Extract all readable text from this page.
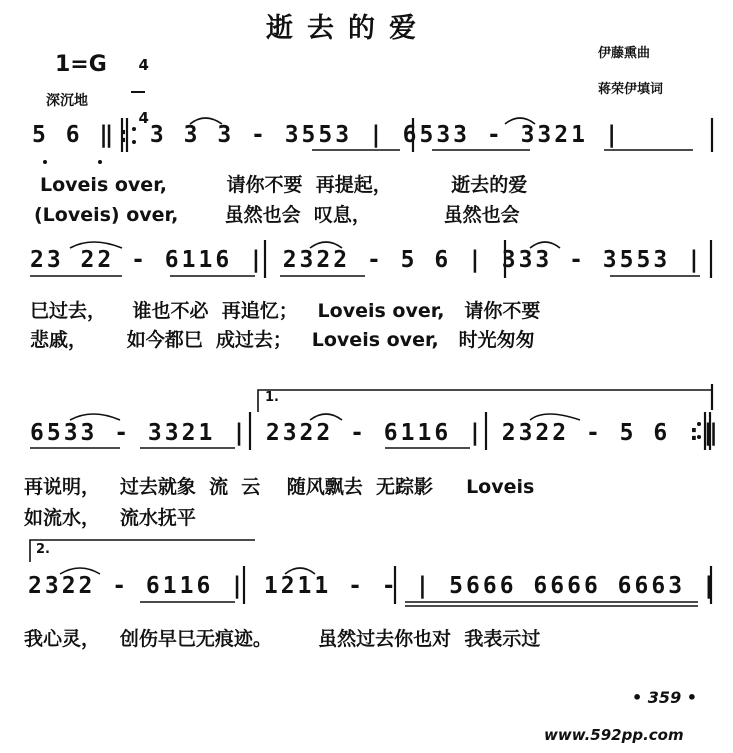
逝去的爱
伊藤熏曲
蒋荣伊填词
1=G	4

4

深沉地
5 6 ‖: 3 3 3 - 3553 | 6533 - 3321 |
Loveis over,         请你不要  再提起，         逝去的爱
(Loveis) over,       虽然也会  叹息，           虽然也会
23 22 - 6116 | 2322 - 5 6 | 333 - 3553 |
巳过去，    谁也不必  再追忆；   Loveis over,   请你不要
悲戚，      如今都巳  成过去；   Loveis over,   时光匆匆
1.
6533 - 3321 | 2322 - 6116 | 2322 - 5 6 :‖
再说明，   过去就象  流  云    随风飘去  无踪影     Loveis
如流水，   流水抚平
2.
2322 - 6116 | 1211 - - | 5666 6666 6663 |
我心灵，   创伤早巳无痕迹。       虽然过去你也对  我表示过
• 359 •
www.592pp.com
